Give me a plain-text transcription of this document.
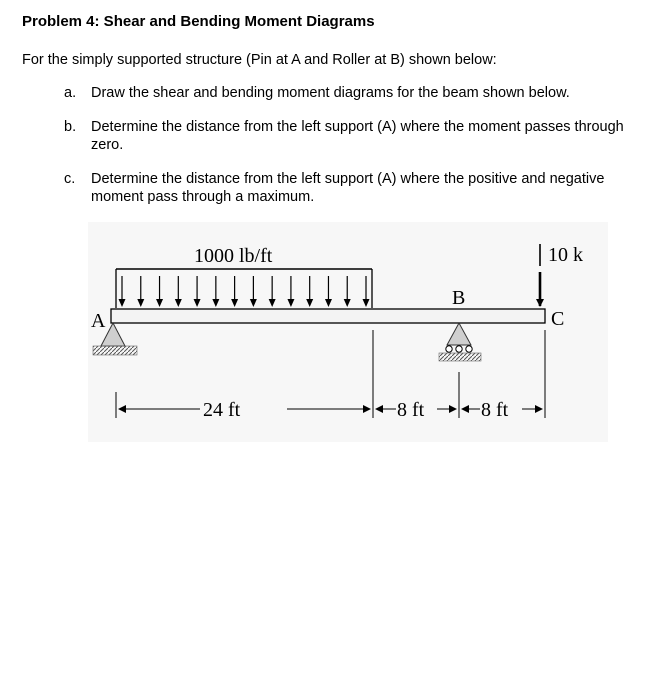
Problem 4: Shear and Bending Moment Diagrams
For the simply supported structure (Pin at A and Roller at B) shown below:
a. Draw the shear and bending moment diagrams for the beam shown below.
b. Determine the distance from the left support (A) where the moment passes through zero.
c. Determine the distance from the left support (A) where the positive and negative moment pass through a maximum.
1000 lb/ft
A
B
10 k
C
24 ft	8 ft	8 ft
